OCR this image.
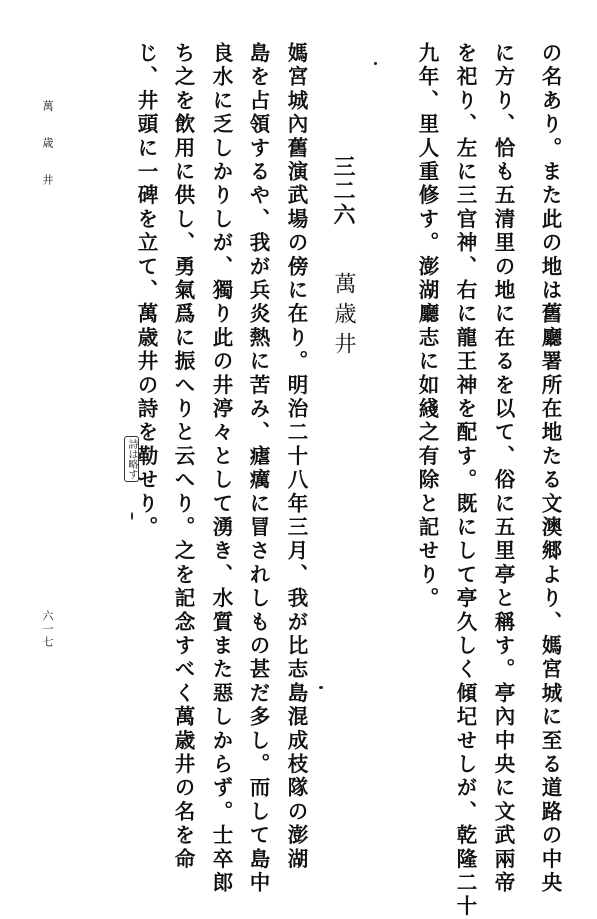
の名あり。また此の地は舊廳署所在地たる文澳郷より、媽宮城に至る道路の中央
に方り、恰も五清里の地に在るを以て、俗に五里亭と稱す。亭內中央に文武兩帝
を祀り、左に三官神、右に龍王神を配す。既にして亭久しく傾圮せしが、乾隆二十
九年、里人重修す。澎湖廳志に如綫之有除と記せり。
三二六
萬歳井
媽宮城內舊演武場の傍に在り。明治二十八年三月、我が比志島混成枝隊の澎湖
島を占領するや、我が兵炎熱に苦み、瘧癘に冒されしもの甚だ多し。而して島中
良水に乏しかりしが、獨り此の井渟々として湧き、水質また惡しからず。士卒郎
ち之を飲用に供し、勇氣爲に振へりと云へり。之を記念すべく萬歳井の名を命
じ、井頭に一碑を立て、萬歳井の詩を勒せり。
詩は略す
萬歳井
六一七
